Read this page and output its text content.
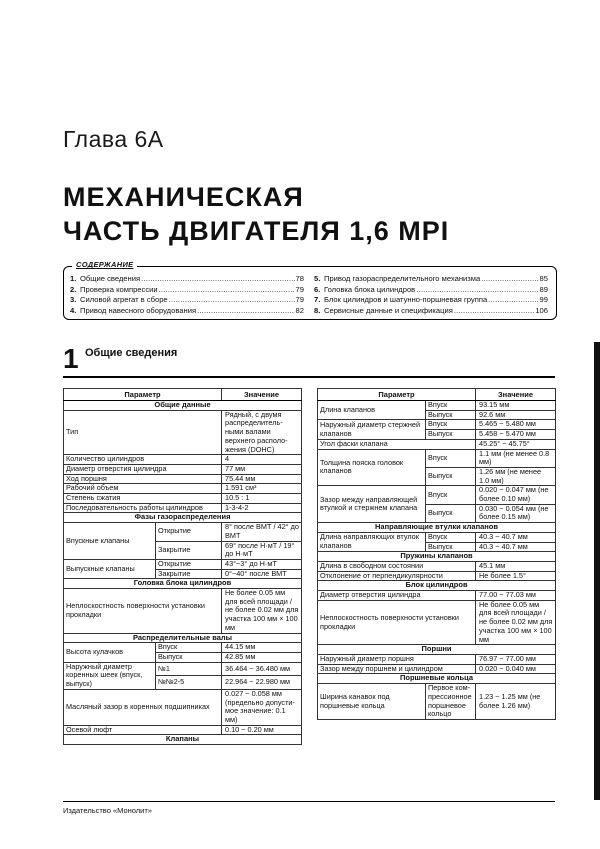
Глава 6А
МЕХАНИЧЕСКАЯ
ЧАСТЬ ДВИГАТЕЛЯ 1,6 MPI
СОДЕРЖАНИЕ
1. Общие сведения .....	78
2. Проверка компрессии .....	79
3. Силовой агрегат в сборе .....	79
4. Привод навесного оборудования .....	82
5. Привод газораспределительного механизма .....	85
6. Головка блока цилиндров .....	89
7. Блок цилиндров и шатунно-поршневая группа .....	99
8. Сервисные данные и спецификация .....	106
1 Общие сведения
Параметр		Значение
Общие данные		
Тип		Рядный, с двумя распределитель-ными валами верхнего располо-жения (DOHC)
Количество цилиндров		4
Диаметр отверстия цилиндра		77 мм
Ход поршня		75.44 мм
Рабочий объем		1.591 см³
Степень сжатия		10.5 : 1
Последовательность работы цилиндров		1-3-4-2
Фазы газораспределения		
Впускные клапаны	Открытие	8° после ВМТ / 42° до ВМТ
	Закрытие	69° после Н·мТ / 19° до Н·мТ
Выпускные клапаны	Открытие	43°~3° до Н·мТ
	Закрытие	0°~40° после ВМТ
Головка блока цилиндров		
Неплоскостность поверхности установки прокладки		Не более 0.05 мм для всей площади / не более 0.02 мм для участка 100 мм × 100 мм
Распределительные валы		
Высота кулачков	Впуск	44.15 мм
	Выпуск	42.85 мм
Наружный диаметр коренных шеек (впуск, выпуск)	№1	36.464 ~ 36.480 мм
	№№2-5	22.964 ~ 22.980 мм
Масляный зазор в коренных подшипниках		0.027 ~ 0.058 мм (предельно допусти-мое значение: 0.1 мм)
Осевой люфт		0.10 ~ 0.20 мм
Клапаны		
Параметр		Значение
Длина клапанов	Впуск	93.15 мм
	Выпуск	92.6 мм
Наружный диаметр стержней клапанов	Впуск	5.465 ~ 5.480 мм
	Выпуск	5.458 ~ 5.470 мм
Угол фаски клапана		45.25° ~ 45.75°
Толщина пояска головок клапанов	Впуск	1.1 мм (не менее 0.8 мм)
	Выпуск	1.26 мм (не менее 1.0 мм)
Зазор между направляющей втулкой и стержнем клапана	Впуск	0.020 ~ 0.047 мм (не более 0.10 мм)
	Выпуск	0.030 ~ 0.054 мм (не более 0.15 мм)
Направляющие втулки клапанов		
Длина направляющих втулок клапанов	Впуск	40.3 ~ 40.7 мм
	Выпуск	40.3 ~ 40.7 мм
Пружины клапанов		
Длина в свободном состоянии		45.1 мм
Отклонение от перпендикулярности		Не более 1.5°
Блок цилиндров		
Диаметр отверстия цилиндра		77.00 ~ 77.03 мм
Неплоскостность поверхности установки прокладки		Не более 0.05 мм для всей площади / не более 0.02 мм для участка 100 мм × 100 мм
Поршни		
Наружный диаметр поршня		76.97 ~ 77.00 мм
Зазор между поршнем и цилиндром		0.020 ~ 0.040 мм
Поршневые кольца		
Ширина канавок под поршневые кольца	Первое ком-прессионное поршневое кольцо	1.23 ~ 1.25 мм (не более 1.26 мм)
Издательство «Монолит»
